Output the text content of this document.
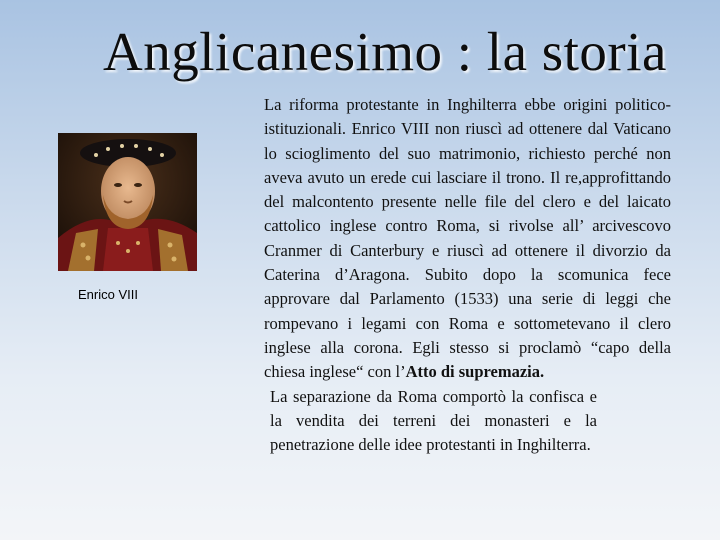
Anglicanesimo : la storia
Enrico VIII

La riforma protestante in Inghilterra ebbe origini politico-istituzionali. Enrico VIII non riuscì ad ottenere dal Vaticano lo scioglimento del suo matrimonio, richiesto perché non aveva avuto un erede cui lasciare il trono. Il re,approfittando del malcontento presente nelle file del clero e del laicato cattolico inglese contro Roma, si rivolse all’ arcivescovo Cranmer di Canterbury e riuscì ad ottenere il divorzio da Caterina d’Aragona. Subito dopo la scomunica fece approvare dal Parlamento (1533) una serie di leggi che rompevano i legami con Roma e sottometevano il clero inglese alla corona. Egli stesso si proclamò “capo della chiesa inglese“ con l’Atto di supremazia.

La separazione da Roma comportò la confisca e la vendita dei terreni dei monasteri e la penetrazione delle idee protestanti in Inghilterra.
